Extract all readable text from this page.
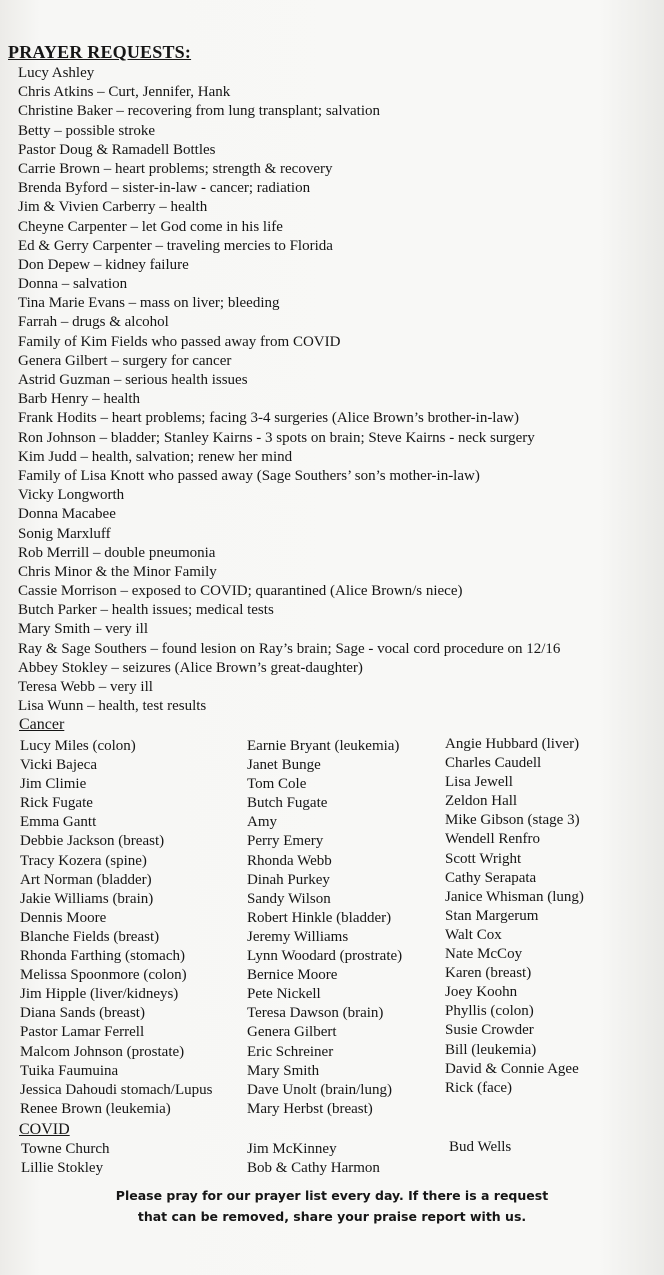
PRAYER REQUESTS:
Lucy Ashley
Chris Atkins – Curt, Jennifer, Hank
Christine Baker – recovering from lung transplant; salvation
Betty – possible stroke
Pastor Doug & Ramadell Bottles
Carrie Brown – heart problems; strength & recovery
Brenda Byford – sister-in-law - cancer; radiation
Jim & Vivien Carberry – health
Cheyne Carpenter – let God come in his life
Ed & Gerry Carpenter – traveling mercies to Florida
Don Depew – kidney failure
Donna – salvation
Tina Marie Evans – mass on liver; bleeding
Farrah – drugs & alcohol
Family of Kim Fields who passed away from COVID
Genera Gilbert – surgery for cancer
Astrid Guzman – serious health issues
Barb Henry – health
Frank Hodits – heart problems; facing 3-4 surgeries (Alice Brown’s brother-in-law)
Ron Johnson – bladder; Stanley Kairns - 3 spots on brain; Steve Kairns - neck surgery
Kim Judd – health, salvation; renew her mind
Family of Lisa Knott who passed away (Sage Southers’ son’s mother-in-law)
Vicky Longworth
Donna Macabee
Sonig Marxluff
Rob Merrill – double pneumonia
Chris Minor & the Minor Family
Cassie Morrison – exposed to COVID; quarantined (Alice Brown/s niece)
Butch Parker – health issues; medical tests
Mary Smith – very ill
Ray & Sage Southers – found lesion on Ray’s brain; Sage - vocal cord procedure on 12/16
Abbey Stokley – seizures (Alice Brown’s great-daughter)
Teresa Webb – very ill
Lisa Wunn – health, test results
Cancer
Lucy Miles (colon)
Vicki Bajeca
Jim Climie
Rick Fugate
Emma Gantt
Debbie Jackson (breast)
Tracy Kozera (spine)
Art Norman (bladder)
Jakie Williams (brain)
Dennis Moore
Blanche Fields (breast)
Rhonda Farthing (stomach)
Melissa Spoonmore (colon)
Jim Hipple (liver/kidneys)
Diana Sands (breast)
Pastor Lamar Ferrell
Malcom Johnson (prostate)
Tuika Faumuina
Jessica Dahoudi stomach/Lupus
Renee Brown (leukemia)
Earnie Bryant (leukemia)
Janet Bunge
Tom Cole
Butch Fugate
Amy
Perry Emery
Rhonda Webb
Dinah Purkey
Sandy Wilson
Robert Hinkle (bladder)
Jeremy Williams
Lynn Woodard (prostrate)
Bernice Moore
Pete Nickell
Teresa Dawson (brain)
Genera Gilbert
Eric Schreiner
Mary Smith
Dave Unolt (brain/lung)
Mary Herbst (breast)
Angie Hubbard (liver)
Charles Caudell
Lisa Jewell
Zeldon Hall
Mike Gibson (stage 3)
Wendell Renfro
Scott Wright
Cathy Serapata
Janice Whisman (lung)
Stan Margerum
Walt Cox
Nate McCoy
Karen (breast)
Joey Koohn
Phyllis (colon)
Susie Crowder
Bill (leukemia)
David & Connie Agee
Rick (face)
COVID
Towne Church
Lillie Stokley
Jim McKinney
Bob & Cathy Harmon
Bud Wells
Please pray for our prayer list every day. If there is a request
that can be removed, share your praise report with us.
